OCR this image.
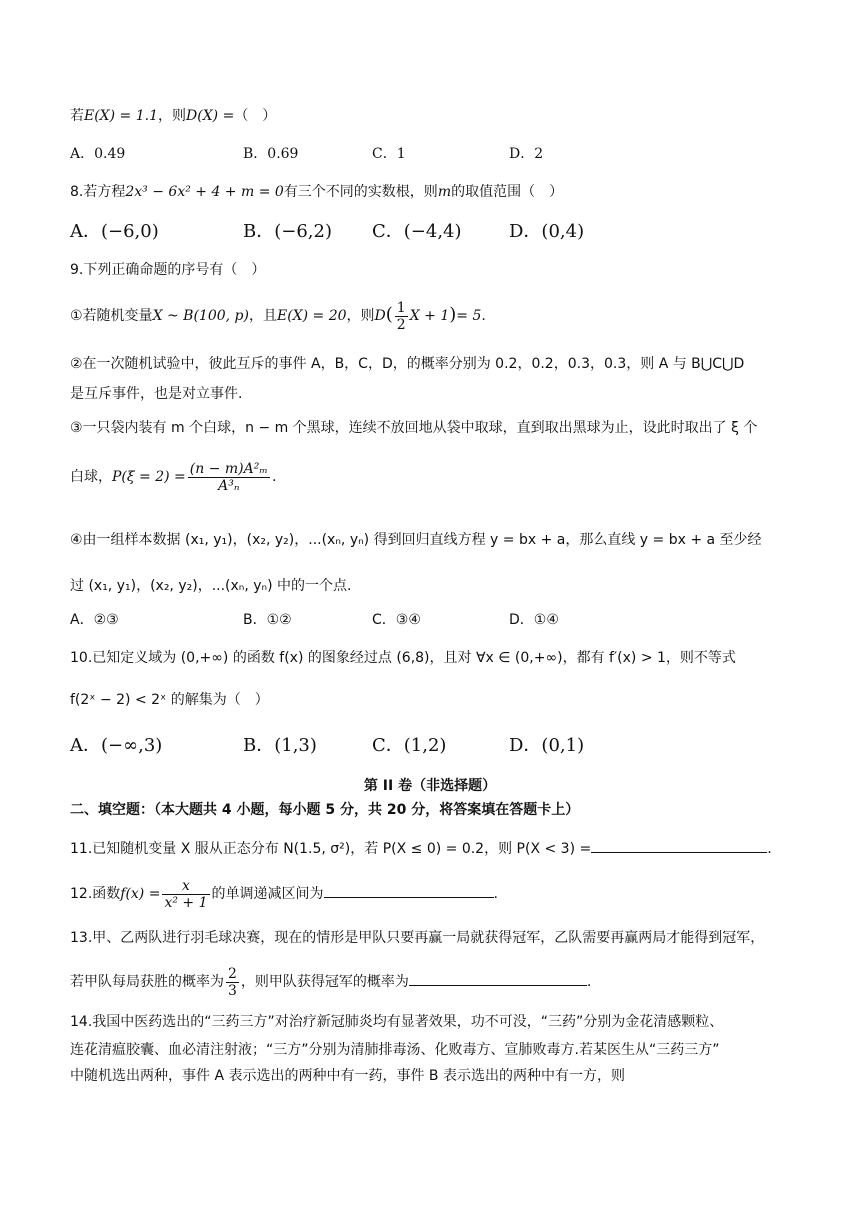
若E(X) = 1.1，则D(X) =（　）
A．0.49	B．0.69	C．1	D．2
8.若方程2x³ − 6x² + 4 + m = 0有三个不同的实数根，则m的取值范围（　）
A．(−6,0)	B．(−6,2) C．(−4,4)	D．(0,4)
9.下列正确命题的序号有（　）
①若随机变量X ~ B(100, p)，且E(X) = 20，则$D( \frac{1}{2}$ X + 1)= 5.
②在一次随机试验中，彼此互斥的事件 A，B，C，D，的概率分别为 0.2，0.2，0.3，0.3，则 A 与 B⋃C⋃D
是互斥事件，也是对立事件.
③一只袋内装有 m 个白球，n − m 个黑球，连续不放回地从袋中取球，直到取出黑球为止，设此时取出了 ξ 个
白球，$P(\xi = 2) = \frac{\text{(n − m)A²ₘ}}{\text{A³ₙ}}$ .
④由一组样本数据 (x₁, y₁)，(x₂, y₂)，...(xₙ, yₙ) 得到回归直线方程 y = bx + a，那么直线 y = bx + a 至少经
过 (x₁, y₁)，(x₂, y₂)，...(xₙ, yₙ) 中的一个点.
A．②③	B．①②	C．③④	D．①④
10.已知定义域为 (0,+∞) 的函数 f(x) 的图象经过点 (6,8)，且对 ∀x ∈ (0,+∞)，都有 f′(x) > 1，则不等式
f(2ˣ − 2) < 2ˣ 的解集为（　）
A．(−∞,3)	B．(1,3)	C．(1,2)	D．(0,1)
第 II 卷（非选择题）
二、填空题：（本大题共 4 小题，每小题 5 分，共 20 分，将答案填在答题卡上）
11.已知随机变量 X 服从正态分布 N(1.5, σ²)，若 P(X ≤ 0) = 0.2，则 P(X < 3) =	.
12.函数$f(x) = \frac{x}{\text{x² + 1}}$ 的单调递减区间为	.
13.甲、乙两队进行羽毛球决赛，现在的情形是甲队只要再赢一局就获得冠军，乙队需要再赢两局才能得到冠军，
若甲队每局获胜的概率为 $\frac{2}{3}$ ，则甲队获得冠军的概率为	.
14.我国中医药选出的“三药三方”对治疗新冠肺炎均有显著效果，功不可没，“三药”分别为金花清感颗粒、
连花清瘟胶囊、血必清注射液；“三方”分别为清肺排毒汤、化败毒方、宣肺败毒方.若某医生从“三药三方”
中随机选出两种，事件 A 表示选出的两种中有一药，事件 B 表示选出的两种中有一方，则
